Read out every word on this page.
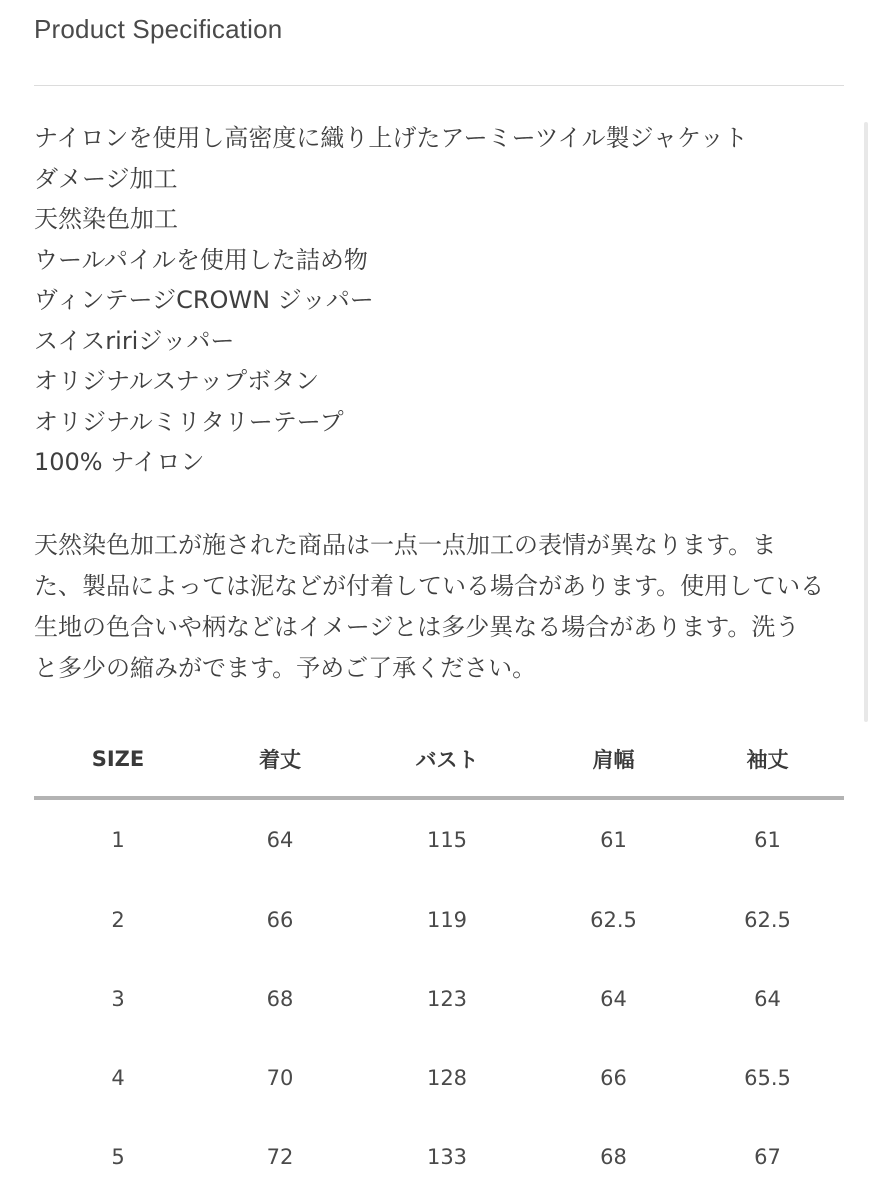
Product Specification
ナイロンを使用し高密度に織り上げたアーミーツイル製ジャケット
ダメージ加工
天然染色加工
ウールパイルを使用した詰め物
ヴィンテージCROWN ジッパー
スイスririジッパー
オリジナルスナップボタン
オリジナルミリタリーテープ
100% ナイロン

天然染色加工が施された商品は一点一点加工の表情が異なります。ま
た、製品によっては泥などが付着している場合があります。使用している
生地の色合いや柄などはイメージとは多少異なる場合があります。洗う
と多少の縮みがでます。予めご了承ください。

SIZE	着丈	バスト	肩幅	袖丈
1	64	115	61	61
2	66	119	62.5	62.5
3	68	123	64	64
4	70	128	66	65.5
5	72	133	68	67
